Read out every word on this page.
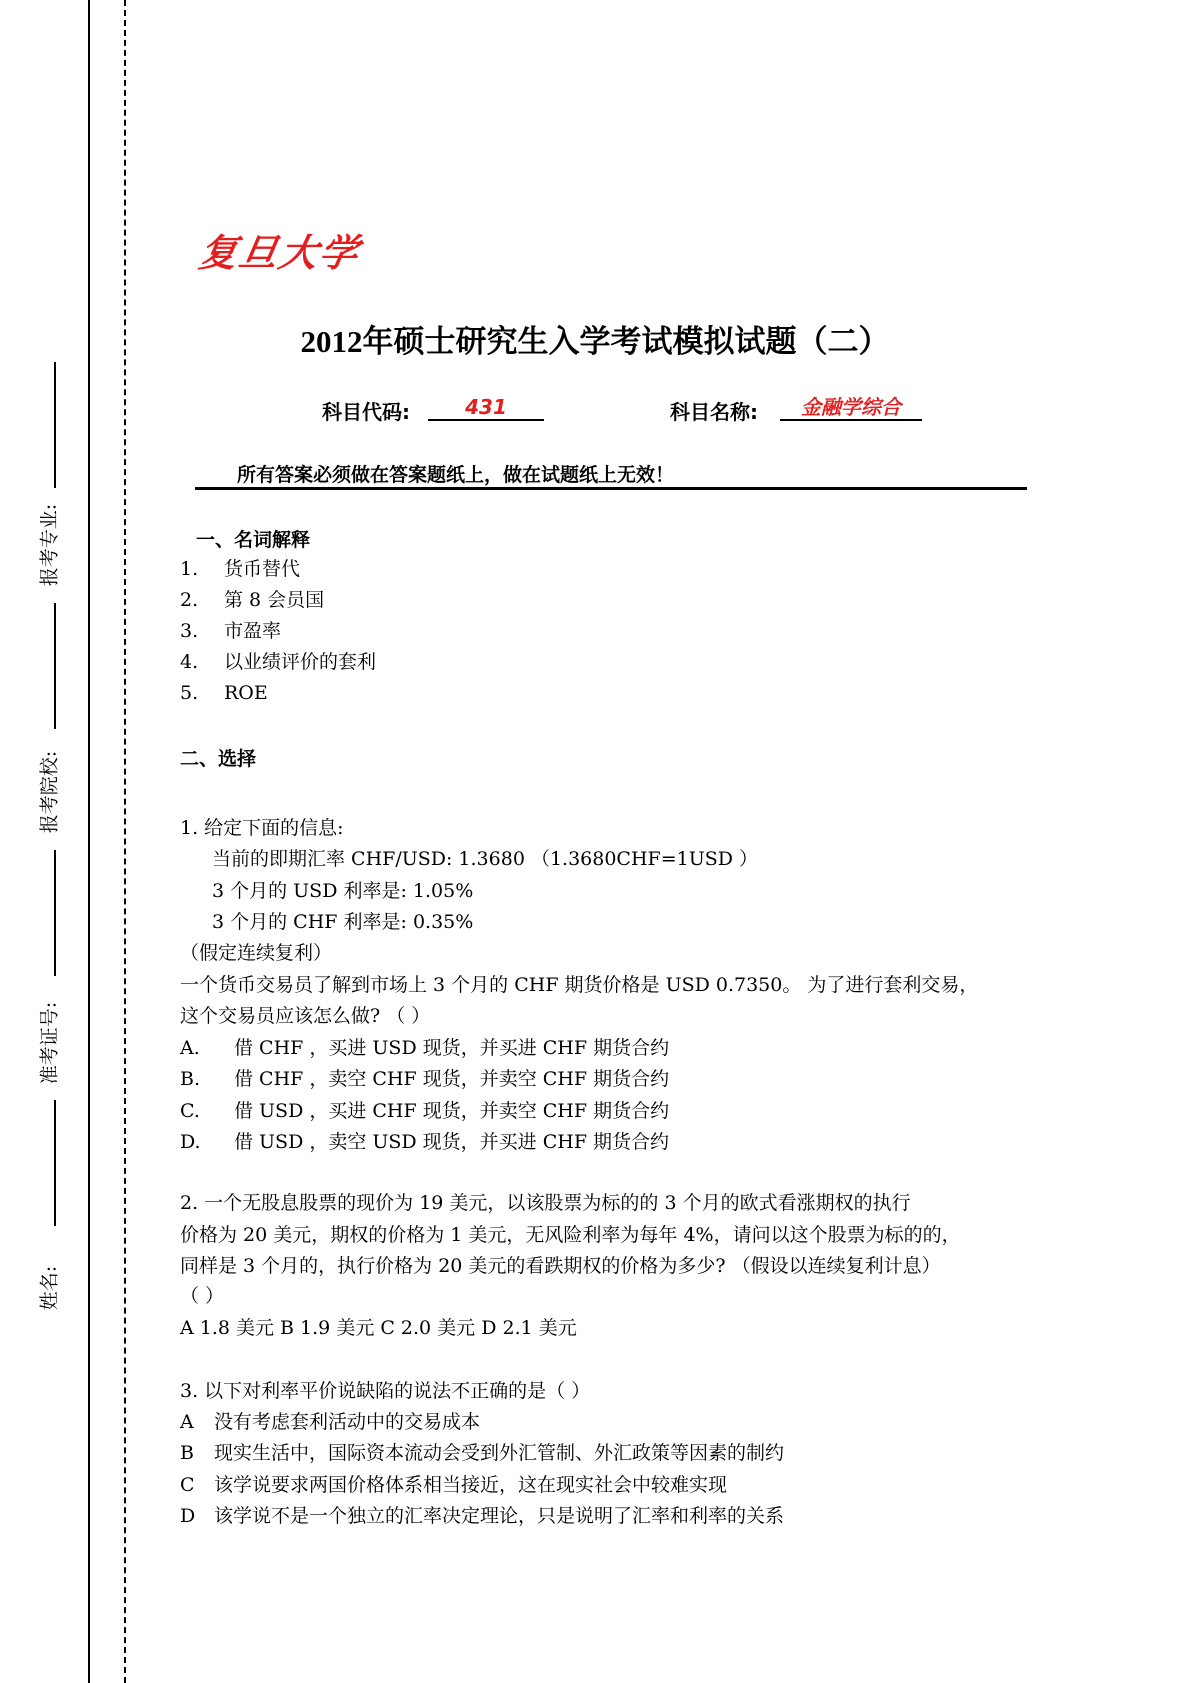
报考专业:
报考院校:
准考证号:
姓名:
复旦大学
2012年硕士研究生入学考试模拟试题（二）
科目代码:	431	科目名称:	金融学综合
所有答案必须做在答案题纸上，做在试题纸上无效！
一、名词解释
1. 货币替代
2. 第 8 会员国
3. 市盈率
4. 以业绩评价的套利
5. ROE
二、选择
1. 给定下面的信息:
当前的即期汇率 CHF/USD: 1.3680 （1.3680CHF=1USD ）
3 个月的 USD 利率是: 1.05%
3 个月的 CHF 利率是: 0.35%
（假定连续复利）
一个货币交易员了解到市场上 3 个月的 CHF 期货价格是 USD 0.7350。 为了进行套利交易，
这个交易员应该怎么做? （ ）
A. 借 CHF ，买进 USD 现货，并买进 CHF 期货合约
B. 借 CHF ，卖空 CHF 现货，并卖空 CHF 期货合约
C. 借 USD ，买进 CHF 现货，并卖空 CHF 期货合约
D. 借 USD ，卖空 USD 现货，并买进 CHF 期货合约
2. 一个无股息股票的现价为 19 美元，以该股票为标的的 3 个月的欧式看涨期权的执行
价格为 20 美元，期权的价格为 1 美元，无风险利率为每年 4%，请问以这个股票为标的的，
同样是 3 个月的，执行价格为 20 美元的看跌期权的价格为多少? （假设以连续复利计息）
（ ）
A 1.8 美元 B 1.9 美元 C 2.0 美元 D 2.1 美元
3. 以下对利率平价说缺陷的说法不正确的是（ ）
A 没有考虑套利活动中的交易成本
B 现实生活中，国际资本流动会受到外汇管制、外汇政策等因素的制约
C 该学说要求两国价格体系相当接近，这在现实社会中较难实现
D 该学说不是一个独立的汇率决定理论，只是说明了汇率和利率的关系
